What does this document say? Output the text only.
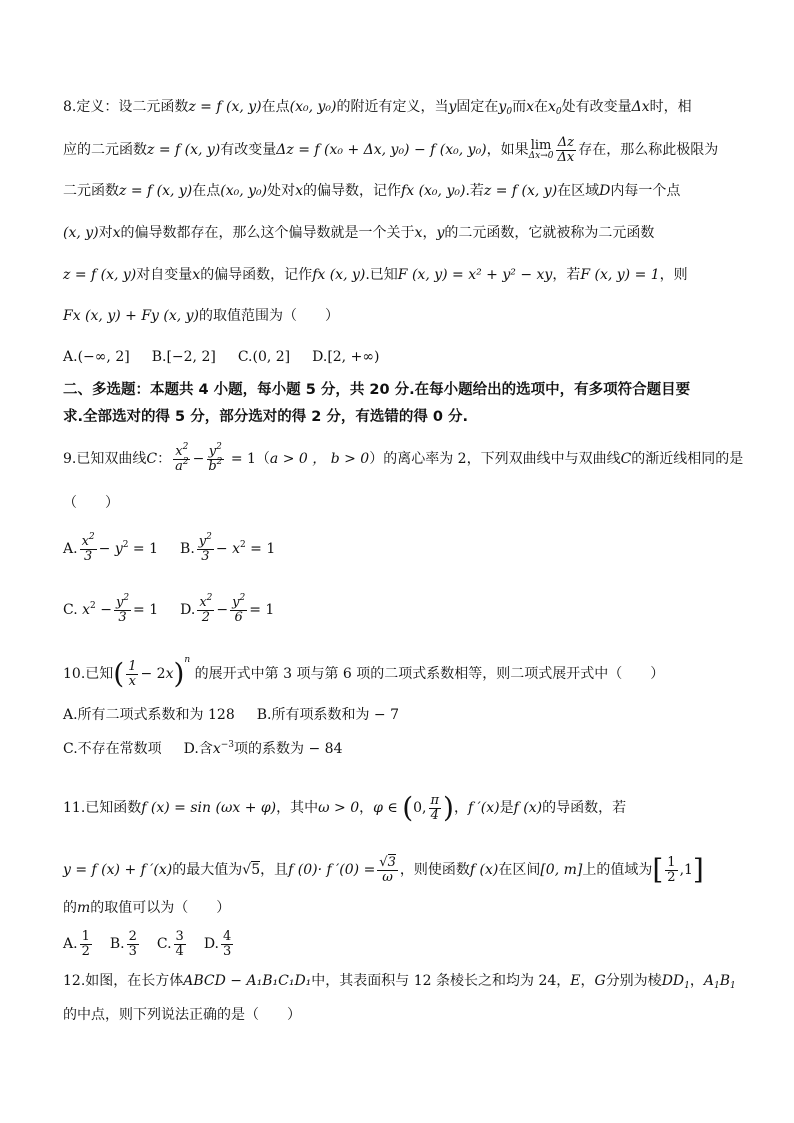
8.定义：设二元函数z = f (x, y)在点(x₀, y₀)的附近有定义，当y固定在$y_0$而x在$x_0$处有改变量Δx时，相
应的二元函数z = f (x, y)有改变量Δz = f (x₀ + Δx, y₀) − f (x₀, y₀)，如果 lim
$\Delta x\to 0 \frac{\Delta z}{\Delta x}$ 存在，那么称此极限为
二元函数z = f (x, y)在点(x₀, y₀)处对x的偏导数，记作fx (x₀, y₀).若z = f (x, y)在区域D内每一个点
(x, y)对x的偏导数都存在，那么这个偏导数就是一个关于x，y的二元函数，它就被称为二元函数
z = f (x, y)对自变量x的偏导函数，记作fx (x, y).已知F (x, y) = x² + y² − xy，若F (x, y) = 1，则
Fx (x, y) + Fy (x, y)的取值范围为（　　）
A.(−∞, 2] B.[−2, 2] C.(0, 2] D.[2, +∞)
二、多选题：本题共 4 小题，每小题 5 分，共 20 分.在每小题给出的选项中，有多项符合题目要
求.全部选对的得 5 分，部分选对的得 2 分，有选错的得 0 分.
9.已知双曲线C： $\frac{x^2}{a^2} - \frac{y^2}{b^2} = 1(a > 0$ ， b > 0）的离心率为 2，下列双曲线中与双曲线C的渐近线相同的是
（　　）
A. $\frac{x^2}{3} - y^2 = 1$ B. $\frac{y^2}{3} - x^2 = 1$
C. $x^2 - \frac{y^2}{3} = 1$ D. $\frac{x^2}{2} - \frac{y^2}{6} = 1$
10.已知( $\frac{1}{x} - 2x)^n$ 的展开式中第 3 项与第 6 项的二项式系数相等，则二项式展开式中（　　）
A.所有二项式系数和为 128 B.所有项系数和为 − 7
C.不存在常数项 D.含$x^{-3}$项的系数为 − 84
11.已知函数f (x) = sin (ωx + φ)，其中ω > 0，φ ∈ (0, $\frac{\pi}{4}$ )，f ′(x)是f (x)的导函数，若
y = f (x) + f ′(x)的最大值为√5，且f (0)· f $'(0) = \frac{√3}{\omega}$ ，则使函数f (x)在区间[0, m]上的值域为[ $\frac{1}{2} ,1$]
的m的取值可以为（　　）
A. $\frac{1}{2} B$. $\frac{2}{3} C$. $\frac{3}{4} D$. $\frac{4}{3}$
12.如图，在长方体ABCD − A₁B₁C₁D₁中，其表面积与 12 条棱长之和均为 24，E，G分别为棱$DD_1$，$A_1B_1$
的中点，则下列说法正确的是（　　）
